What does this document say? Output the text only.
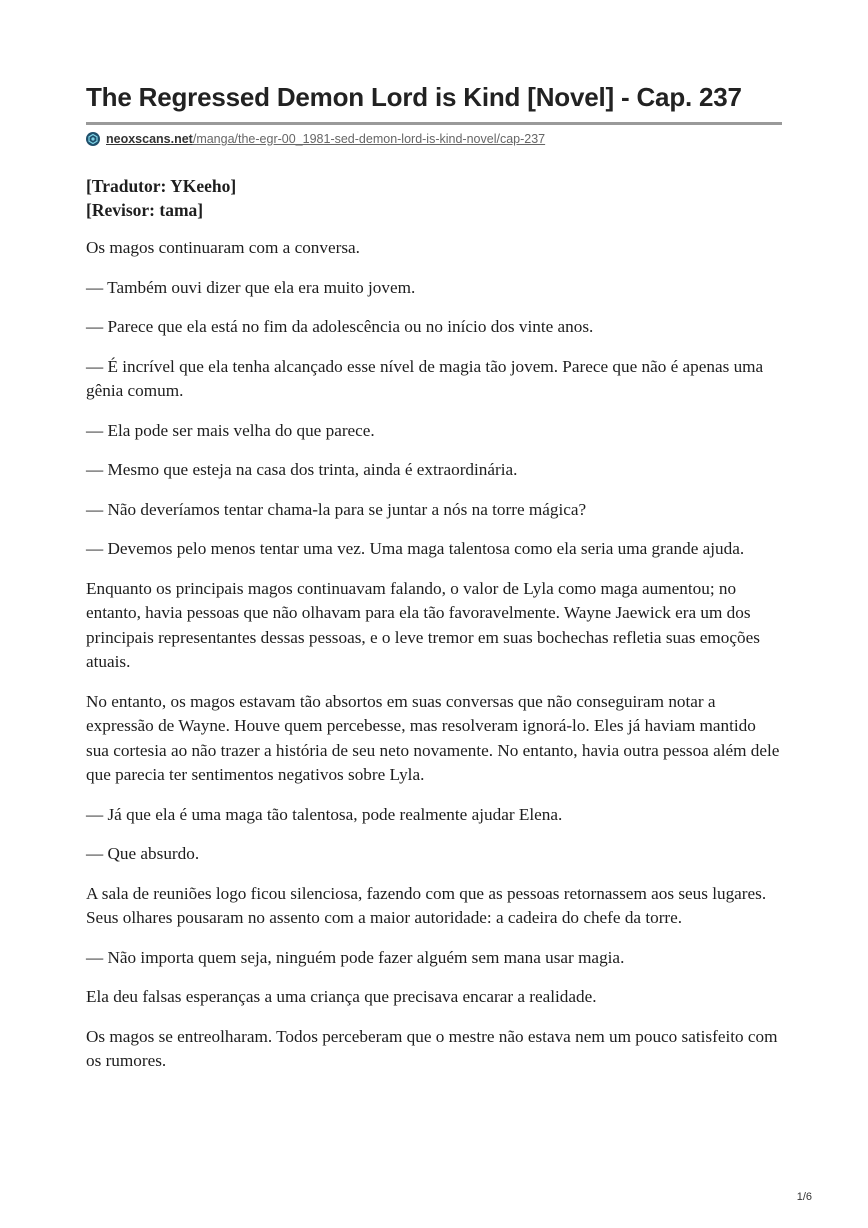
The Regressed Demon Lord is Kind [Novel] - Cap. 237
neoxscans.net /manga/the-egr-00_1981-sed-demon-lord-is-kind-novel/cap-237
[Tradutor: YKeeho]
[Revisor: tama]

Os magos continuaram com a conversa.

— Também ouvi dizer que ela era muito jovem.

— Parece que ela está no fim da adolescência ou no início dos vinte anos.

— É incrível que ela tenha alcançado esse nível de magia tão jovem. Parece que não é apenas uma gênia comum.

— Ela pode ser mais velha do que parece.

— Mesmo que esteja na casa dos trinta, ainda é extraordinária.

— Não deveríamos tentar chama-la para se juntar a nós na torre mágica?

— Devemos pelo menos tentar uma vez. Uma maga talentosa como ela seria uma grande ajuda.

Enquanto os principais magos continuavam falando, o valor de Lyla como maga aumentou; no entanto, havia pessoas que não olhavam para ela tão favoravelmente. Wayne Jaewick era um dos principais representantes dessas pessoas, e o leve tremor em suas bochechas refletia suas emoções atuais.

No entanto, os magos estavam tão absortos em suas conversas que não conseguiram notar a expressão de Wayne. Houve quem percebesse, mas resolveram ignorá-lo. Eles já haviam mantido sua cortesia ao não trazer a história de seu neto novamente. No entanto, havia outra pessoa além dele que parecia ter sentimentos negativos sobre Lyla.

— Já que ela é uma maga tão talentosa, pode realmente ajudar Elena.

— Que absurdo.

A sala de reuniões logo ficou silenciosa, fazendo com que as pessoas retornassem aos seus lugares. Seus olhares pousaram no assento com a maior autoridade: a cadeira do chefe da torre.

— Não importa quem seja, ninguém pode fazer alguém sem mana usar magia.

Ela deu falsas esperanças a uma criança que precisava encarar a realidade.

Os magos se entreolharam. Todos perceberam que o mestre não estava nem um pouco satisfeito com os rumores.

1/6
